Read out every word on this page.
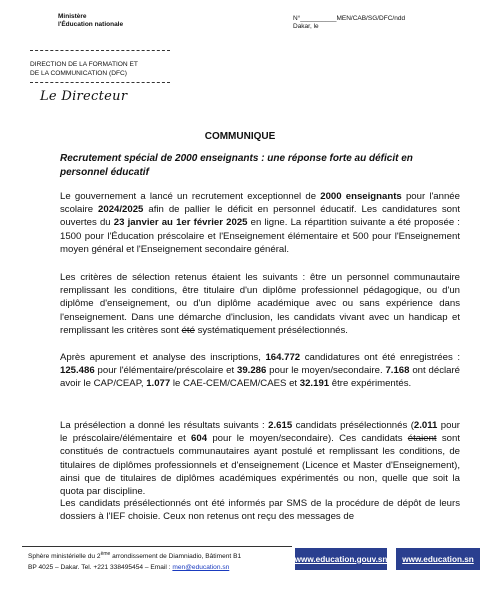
Ministère
l'Éducation nationale
N°__________MEN/CAB/SG/DFC/ndd
Dakar, le
DIRECTION DE LA FORMATION ET
DE LA COMMUNICATION (DFC)
Le Directeur
COMMUNIQUE
Recrutement spécial de 2000 enseignants : une réponse forte au déficit en
personnel éducatif
Le gouvernement a lancé un recrutement exceptionnel de 2000 enseignants pour l'année scolaire 2024/2025 afin de pallier le déficit en personnel éducatif. Les candidatures sont ouvertes du 23 janvier au 1er février 2025 en ligne. La répartition suivante a été proposée : 1500 pour l'Éducation préscolaire et l'Enseignement élémentaire et 500 pour l'Enseignement moyen général et l'Enseignement secondaire général.
Les critères de sélection retenus étaient les suivants : être un personnel communautaire remplissant les conditions, être titulaire d'un diplôme professionnel pédagogique, ou d'un diplôme d'enseignement, ou d'un diplôme académique avec ou sans expérience dans l'enseignement. Dans une démarche d'inclusion, les candidats vivant avec un handicap et remplissant les critères sont été systématiquement présélectionnés.
Après apurement et analyse des inscriptions, 164.772 candidatures ont été enregistrées : 125.486 pour l'élémentaire/préscolaire et 39.286 pour le moyen/secondaire. 7.168 ont déclaré avoir le CAP/CEAP, 1.077 le CAE-CEM/CAEM/CAES et 32.191 être expérimentés.
La présélection a donné les résultats suivants : 2.615 candidats présélectionnés (2.011 pour le préscolaire/élémentaire et 604 pour le moyen/secondaire). Ces candidats étaient sont constitués de contractuels communautaires ayant postulé et remplissant les conditions, de titulaires de diplômes professionnels et d'enseignement (Licence et Master d'Enseignement), ainsi que de titulaires de diplômes académiques expérimentés ou non, quelle que soit la quota par discipline.
Les candidats présélectionnés ont été informés par SMS de la procédure de dépôt de leurs dossiers à l'IEF choisie. Ceux non retenus ont reçu des messages de
Sphère ministérielle du 2ème arrondissement de Diamniadio, Bâtiment B1
BP 4025 – Dakar. Tel. +221 338495454 – Email : men@education.sn
www.education.gouv.sn	www.education.sn
